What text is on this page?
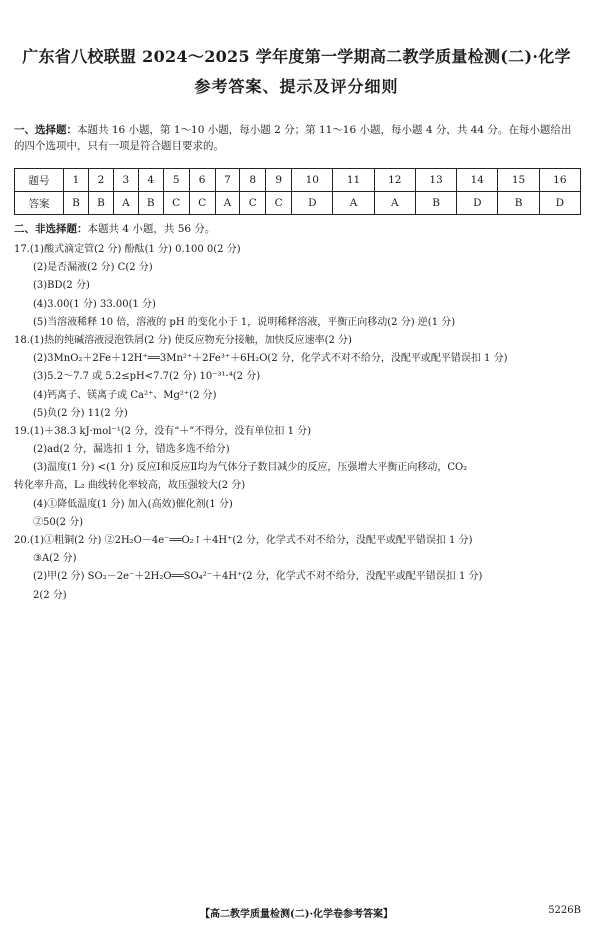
广东省八校联盟 2024～2025 学年度第一学期高二教学质量检测(二)·化学
参考答案、提示及评分细则
一、选择题：本题共 16 小题，第 1～10 小题，每小题 2 分；第 11～16 小题，每小题 4 分，共 44 分。在每小题给出
的四个选项中，只有一项是符合题目要求的。
题号	1	2	3	4	5	6	7	8	9	10	11	12	13	14	15	16
答案	B	B	A	B	C	C	A	C	C	D	A	A	B	D	B	D
二、非选择题：本题共 4 小题，共 56 分。
17.(1)酸式滴定管(2 分) 酚酞(1 分) 0.100 0(2 分)
(2)是否漏液(2 分) C(2 分)
(3)BD(2 分)
(4)3.00(1 分) 33.00(1 分)
(5)当溶液稀释 10 倍，溶液的 pH 的变化小于 1，说明稀释溶液，平衡正向移动(2 分) 逆(1 分)
18.(1)热的纯碱溶液浸泡铁屑(2 分) 使反应物充分接触，加快反应速率(2 分)
(2)3MnO₂＋2Fe＋12H⁺══3Mn²⁺＋2Fe³⁺＋6H₂O(2 分，化学式不对不给分，没配平或配平错误扣 1 分)
(3)5.2～7.7 或 5.2≤pH<7.7(2 分) 10⁻³¹·⁴(2 分)
(4)钙离子、镁离子或 Ca²⁺、Mg²⁺(2 分)
(5)负(2 分) 11(2 分)
19.(1)＋38.3 kJ·mol⁻¹(2 分，没有“＋”不得分，没有单位扣 1 分)
(2)ad(2 分，漏选扣 1 分，错选多选不给分)
(3)温度(1 分) <(1 分) 反应Ⅰ和反应Ⅱ均为气体分子数目减少的反应，压强增大平衡正向移动，CO₂
转化率升高，L₂ 曲线转化率较高，故压强较大(2 分)
(4)①降低温度(1 分) 加入(高效)催化剂(1 分)
②50(2 分)
20.(1)①粗铜(2 分) ②2H₂O－4e⁻══O₂↑＋4H⁺(2 分，化学式不对不给分，没配平或配平错误扣 1 分)
③A(2 分)
(2)甲(2 分) SO₂－2e⁻＋2H₂O══SO₄²⁻＋4H⁺(2 分，化学式不对不给分，没配平或配平错误扣 1 分)
2(2 分)
【高二教学质量检测(二)·化学卷参考答案】	5226B
